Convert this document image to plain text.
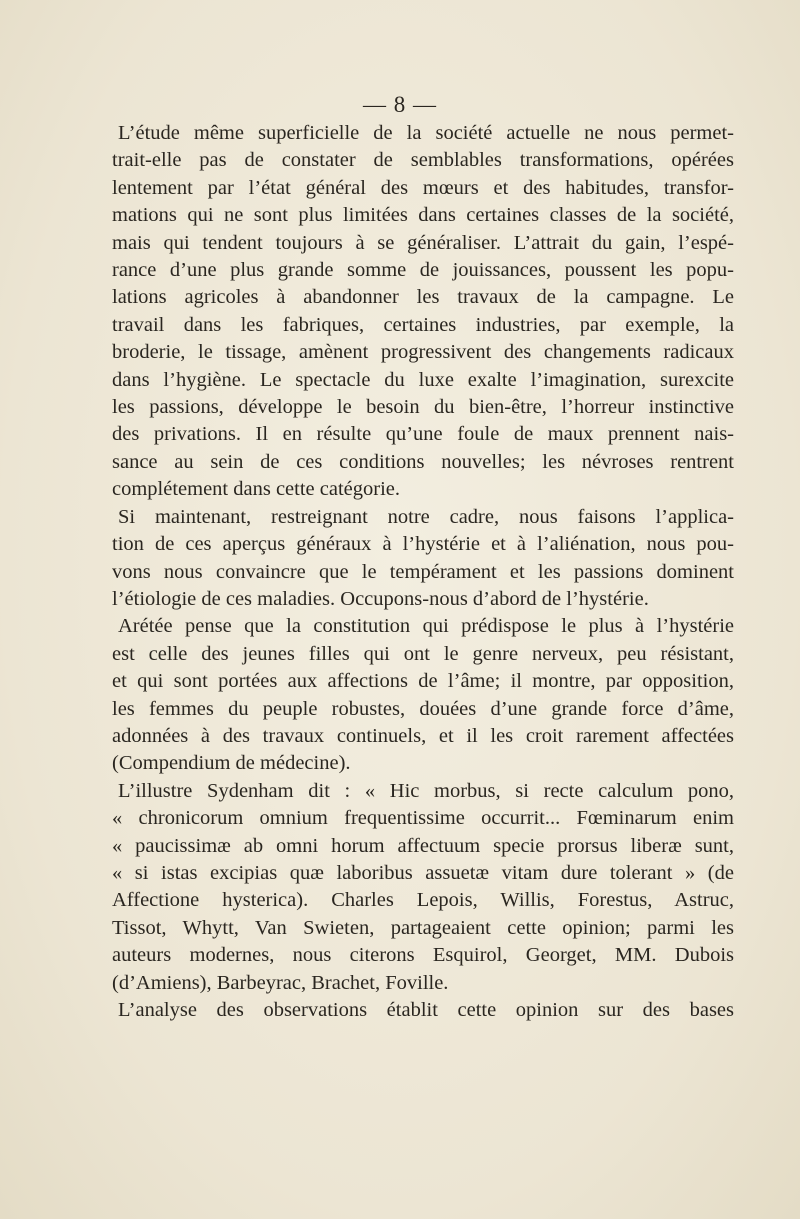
— 8 —
L’étude même superficielle de la société actuelle ne nous permet-
trait-elle pas de constater de semblables transformations, opérées
lentement par l’état général des mœurs et des habitudes, transfor-
mations qui ne sont plus limitées dans certaines classes de la société,
mais qui tendent toujours à se généraliser. L’attrait du gain, l’espé-
rance d’une plus grande somme de jouissances, poussent les popu-
lations agricoles à abandonner les travaux de la campagne. Le
travail dans les fabriques, certaines industries, par exemple, la
broderie, le tissage, amènent progressivent des changements radicaux
dans l’hygiène. Le spectacle du luxe exalte l’imagination, surexcite
les passions, développe le besoin du bien-être, l’horreur instinctive
des privations. Il en résulte qu’une foule de maux prennent nais-
sance au sein de ces conditions nouvelles; les névroses rentrent
complétement dans cette catégorie.
Si maintenant, restreignant notre cadre, nous faisons l’applica-
tion de ces aperçus généraux à l’hystérie et à l’aliénation, nous pou-
vons nous convaincre que le tempérament et les passions dominent
l’étiologie de ces maladies. Occupons-nous d’abord de l’hystérie.
Arétée pense que la constitution qui prédispose le plus à l’hystérie
est celle des jeunes filles qui ont le genre nerveux, peu résistant,
et qui sont portées aux affections de l’âme; il montre, par opposition,
les femmes du peuple robustes, douées d’une grande force d’âme,
adonnées à des travaux continuels, et il les croit rarement affectées
(Compendium de médecine).
L’illustre Sydenham dit : « Hic morbus, si recte calculum pono,
« chronicorum omnium frequentissime occurrit... Fœminarum enim
« paucissimæ ab omni horum affectuum specie prorsus liberæ sunt,
« si istas excipias quæ laboribus assuetæ vitam dure tolerant » (de
Affectione hysterica). Charles Lepois, Willis, Forestus, Astruc,
Tissot, Whytt, Van Swieten, partageaient cette opinion; parmi les
auteurs modernes, nous citerons Esquirol, Georget, MM. Dubois
(d’Amiens), Barbeyrac, Brachet, Foville.
L’analyse des observations établit cette opinion sur des bases
